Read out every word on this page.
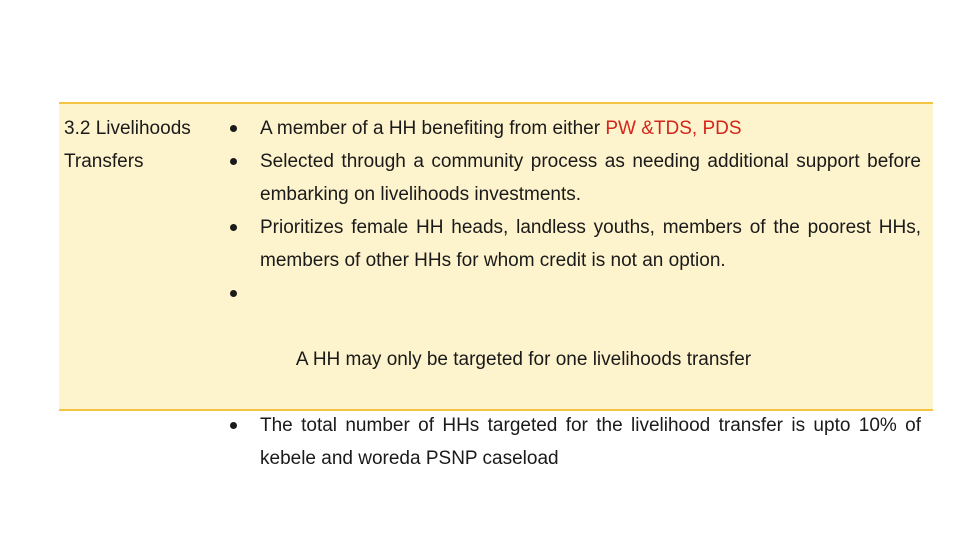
3.2 Livelihoods
Transfers
A member of a HH benefiting from either PW &TDS, PDS
Selected through a community process as needing additional support before embarking on livelihoods investments.
Prioritizes female HH heads, landless youths, members of the poorest HHs, members of other HHs for whom credit is not an option.

A HH may only be targeted for one livelihoods transfer

The total number of HHs targeted for the livelihood transfer is upto 10% of kebele and woreda PSNP caseload
